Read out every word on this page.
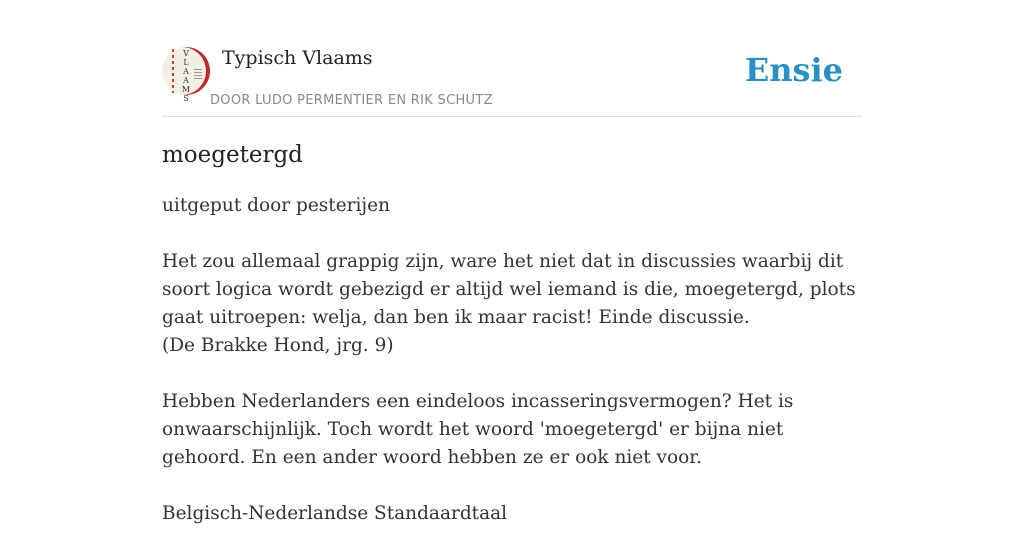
V
L
A
A
M
S
Typisch Vlaams
DOOR LUDO PERMENTIER EN RIK SCHUTZ
Ensie
moegetergd

uitgeput door pesterijen

Het zou allemaal grappig zijn, ware het niet dat in discussies waarbij dit soort logica wordt gebezigd er altijd wel iemand is die, moegetergd, plots gaat uitroepen: welja, dan ben ik maar racist! Einde discussie.
(De Brakke Hond, jrg. 9)

Hebben Nederlanders een eindeloos incasseringsvermogen? Het is onwaarschijnlijk. Toch wordt het woord 'moegetergd' er bijna niet gehoord. En een ander woord hebben ze er ook niet voor.

Belgisch-Nederlandse Standaardtaal
